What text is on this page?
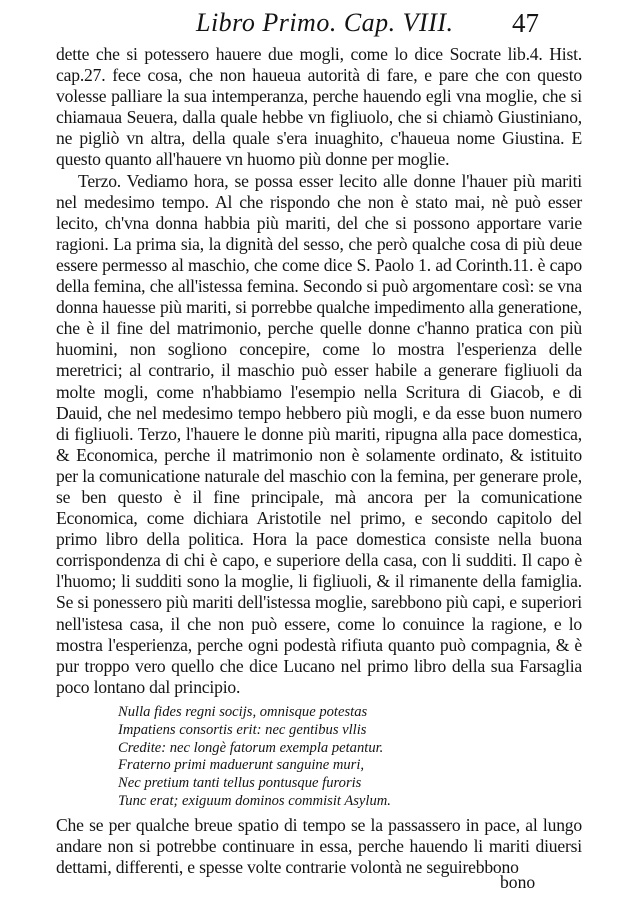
Libro Primo. Cap. VIII. 47

dette che si potessero hauere due mogli, come lo dice Socrate lib.4. Hist. cap.27. fece cosa, che non haueua autorità di fare, e pare che con questo volesse palliare la sua intemperanza, perche hauendo egli vna moglie, che si chiamaua Seuera, dalla quale hebbe vn figliuolo, che si chiamò Giustiniano, ne pigliò vn altra, della quale s'era inuaghito, c'haueua nome Giustina. E questo quanto all'hauere vn huomo più donne per moglie.

Terzo. Vediamo hora, se possa esser lecito alle donne l'hauer più mariti nel medesimo tempo. Al che rispondo che non è stato mai, nè può esser lecito, ch'vna donna habbia più mariti, del che si possono apportare varie ragioni. La prima sia, la dignità del sesso, che però qualche cosa di più deue essere permesso al maschio, che come dice S. Paolo 1. ad Corinth.11. è capo della femina, che all'istessa femina. Secondo si può argomentare così: se vna donna hauesse più mariti, si porrebbe qualche impedimento alla generatione, che è il fine del matrimonio, perche quelle donne c'hanno pratica con più huomini, non sogliono concepire, come lo mostra l'esperienza delle meretrici; al contrario, il maschio può esser habile a generare figliuoli da molte mogli, come n'habbiamo l'esempio nella Scritura di Giacob, e di Dauid, che nel medesimo tempo hebbero più mogli, e da esse buon numero di figliuoli. Terzo, l'hauere le donne più mariti, ripugna alla pace domestica, & Economica, perche il matrimonio non è solamente ordinato, & istituito per la comunicatione naturale del maschio con la femina, per generare prole, se ben questo è il fine principale, mà ancora per la comunicatione Economica, come dichiara Aristotile nel primo, e secondo capitolo del primo libro della politica. Hora la pace domestica consiste nella buona corrispondenza di chi è capo, e superiore della casa, con li sudditi. Il capo è l'huomo; li sudditi sono la moglie, li figliuoli, & il rimanente della famiglia. Se si ponessero più mariti dell'istessa moglie, sarebbono più capi, e superiori nell'istesa casa, il che non può essere, come lo conuince la ragione, e lo mostra l'esperienza, perche ogni podestà rifiuta quanto può compagnia, & è pur troppo vero quello che dice Lucano nel primo libro della sua Farsaglia poco lontano dal principio.

Nulla fides regni socijs, omnisque potestas
Impatiens consortis erit: nec gentibus vllis
Credite: nec longè fatorum exempla petantur.
Fraterno primi maduerunt sanguine muri,
Nec pretium tanti tellus pontusque furoris
Tunc erat; exiguum dominos commisit Asylum.

Che se per qualche breue spatio di tempo se la passassero in pace, al lungo andare non si potrebbe continuare in essa, perche hauendo li mariti diuersi dettami, differenti, e spesse volte contrarie volontà ne seguirebbono

bono
